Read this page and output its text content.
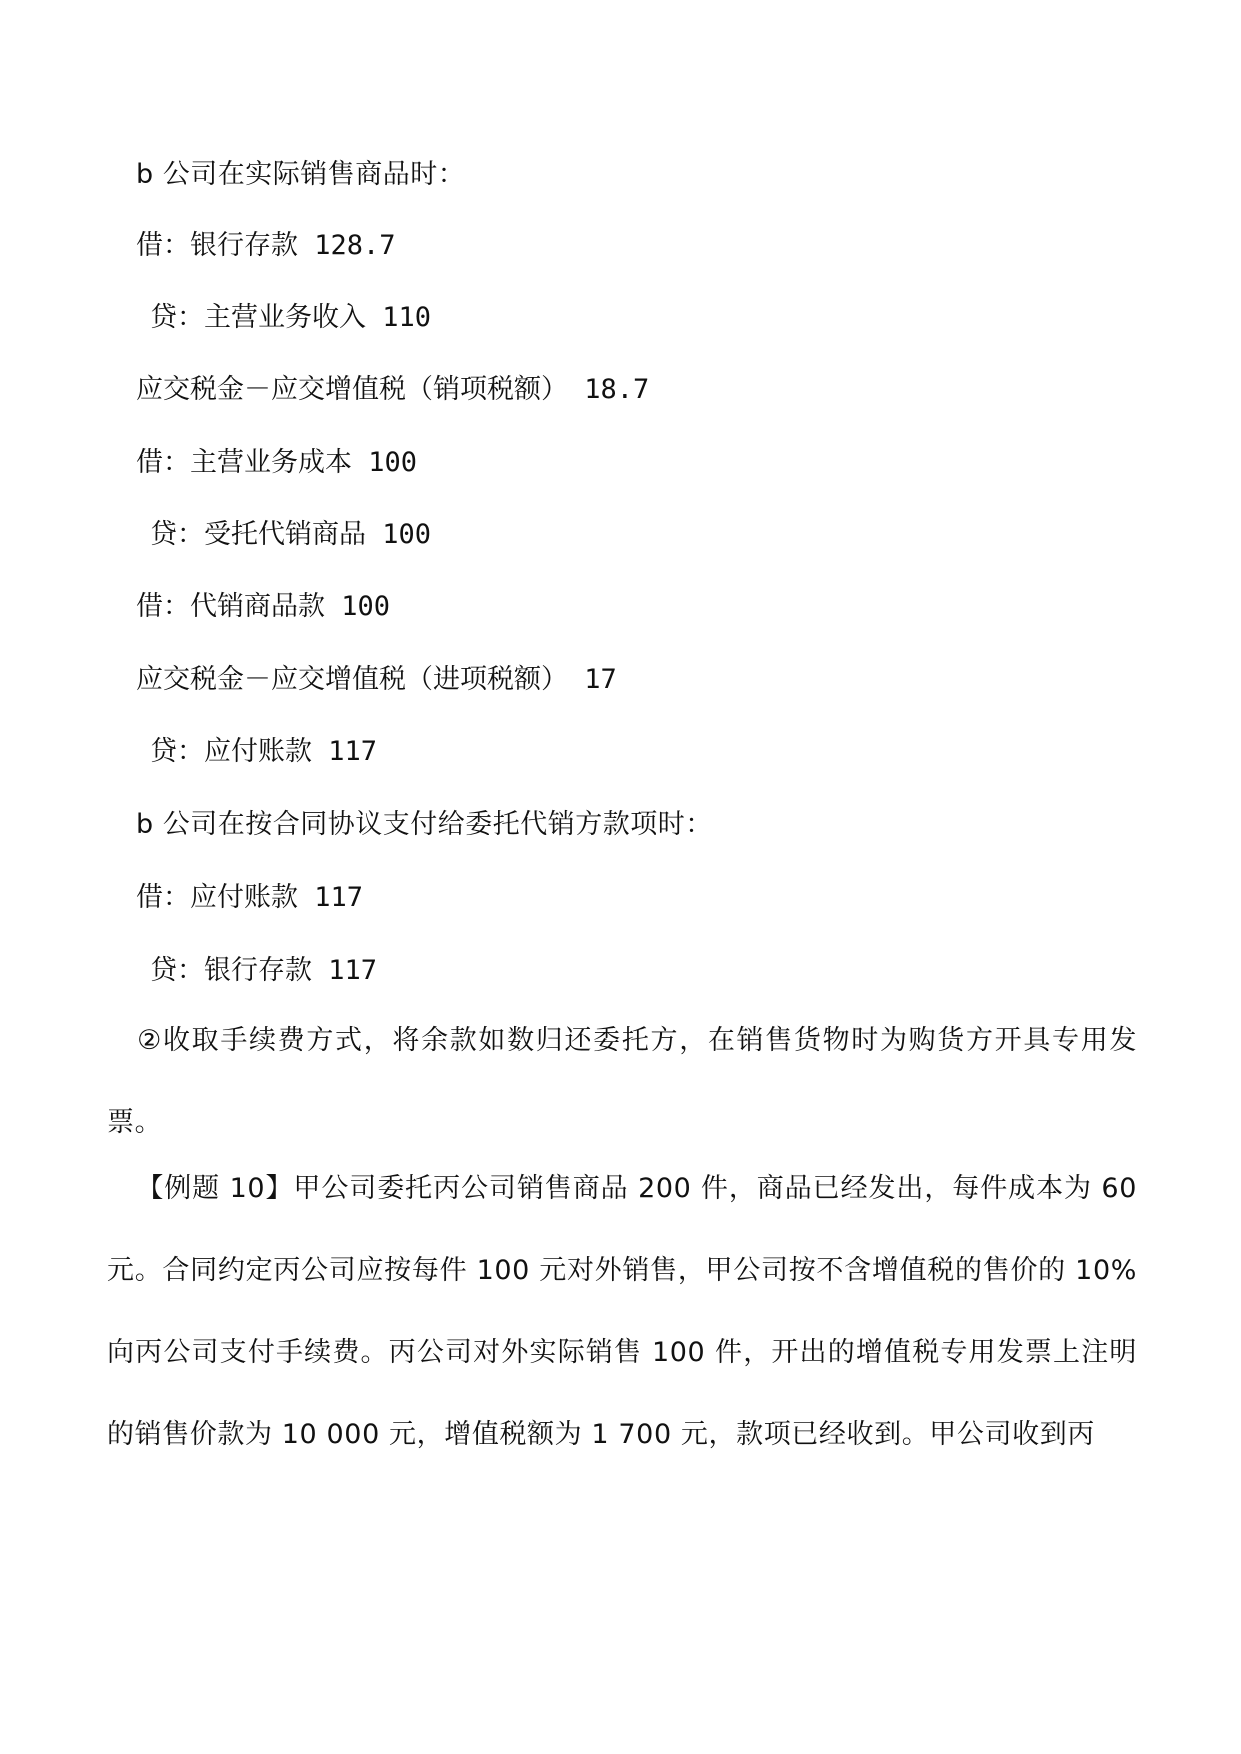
b 公司在实际销售商品时：
借：银行存款 128.7
贷：主营业务收入 110
应交税金－应交增值税（销项税额） 18.7
借：主营业务成本 100
贷：受托代销商品 100
借：代销商品款 100
应交税金－应交增值税（进项税额） 17
贷：应付账款 117
b 公司在按合同协议支付给委托代销方款项时：
借：应付账款 117
贷：银行存款 117
②收取手续费方式，将余款如数归还委托方，在销售货物时为购货方开具专用发票。
【例题 10】甲公司委托丙公司销售商品 200 件，商品已经发出，每件成本为 60 元。合同约定丙公司应按每件 100 元对外销售，甲公司按不含增值税的售价的 10%向丙公司支付手续费。丙公司对外实际销售 100 件，开出的增值税专用发票上注明的销售价款为 10 000 元，增值税额为 1 700 元，款项已经收到。甲公司收到丙
